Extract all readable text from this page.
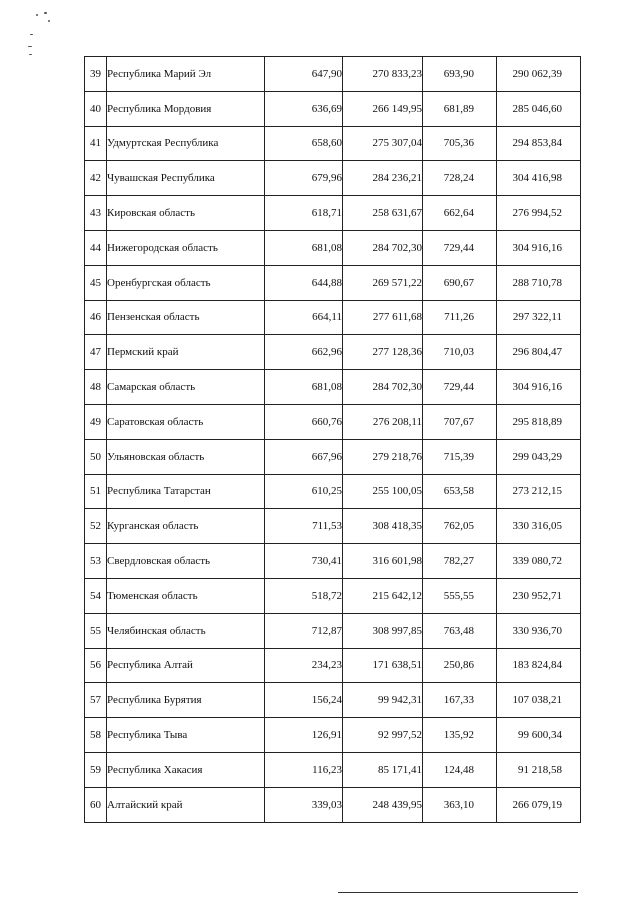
39	Республика Марий Эл	647,90	270 833,23	693,90	290 062,39
40	Республика Мордовия	636,69	266 149,95	681,89	285 046,60
41	Удмуртская Республика	658,60	275 307,04	705,36	294 853,84
42	Чувашская Республика	679,96	284 236,21	728,24	304 416,98
43	Кировская область	618,71	258 631,67	662,64	276 994,52
44	Нижегородская область	681,08	284 702,30	729,44	304 916,16
45	Оренбургская область	644,88	269 571,22	690,67	288 710,78
46	Пензенская область	664,11	277 611,68	711,26	297 322,11
47	Пермский край	662,96	277 128,36	710,03	296 804,47
48	Самарская область	681,08	284 702,30	729,44	304 916,16
49	Саратовская область	660,76	276 208,11	707,67	295 818,89
50	Ульяновская область	667,96	279 218,76	715,39	299 043,29
51	Республика Татарстан	610,25	255 100,05	653,58	273 212,15
52	Курганская область	711,53	308 418,35	762,05	330 316,05
53	Свердловская область	730,41	316 601,98	782,27	339 080,72
54	Тюменская область	518,72	215 642,12	555,55	230 952,71
55	Челябинская область	712,87	308 997,85	763,48	330 936,70
56	Республика Алтай	234,23	171 638,51	250,86	183 824,84
57	Республика Бурятия	156,24	99 942,31	167,33	107 038,21
58	Республика Тыва	126,91	92 997,52	135,92	99 600,34
59	Республика Хакасия	116,23	85 171,41	124,48	91 218,58
60	Алтайский край	339,03	248 439,95	363,10	266 079,19
